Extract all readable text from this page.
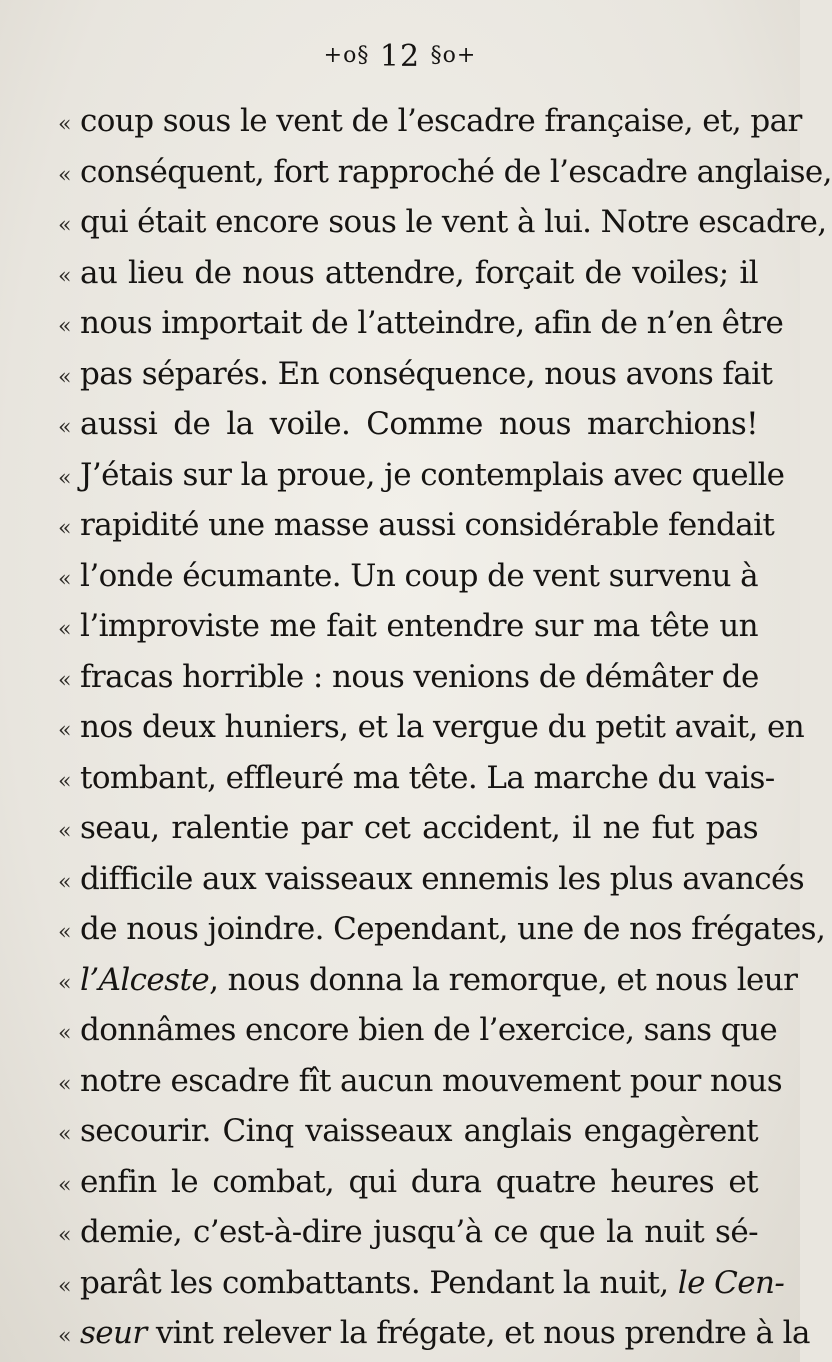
+o§ 12 §o+
« coup sous le vent de l’escadre française, et, par
« conséquent, fort rapproché de l’escadre anglaise,
« qui était encore sous le vent à lui. Notre escadre,
« au lieu de nous attendre, forçait de voiles; il
« nous importait de l’atteindre, afin de n’en être
« pas séparés. En conséquence, nous avons fait
« aussi de la voile. Comme nous marchions!
« J’étais sur la proue, je contemplais avec quelle
« rapidité une masse aussi considérable fendait
« l’onde écumante. Un coup de vent survenu à
« l’improviste me fait entendre sur ma tête un
« fracas horrible : nous venions de démâter de
« nos deux huniers, et la vergue du petit avait, en
« tombant, effleuré ma tête. La marche du vais-
« seau, ralentie par cet accident, il ne fut pas
« difficile aux vaisseaux ennemis les plus avancés
« de nous joindre. Cependant, une de nos frégates,
« l’Alceste, nous donna la remorque, et nous leur
« donnâmes encore bien de l’exercice, sans que
« notre escadre fît aucun mouvement pour nous
« secourir. Cinq vaisseaux anglais engagèrent
« enfin le combat, qui dura quatre heures et
« demie, c’est-à-dire jusqu’à ce que la nuit sé-
« parât les combattants. Pendant la nuit, le Cen-
« seur vint relever la frégate, et nous prendre à la
